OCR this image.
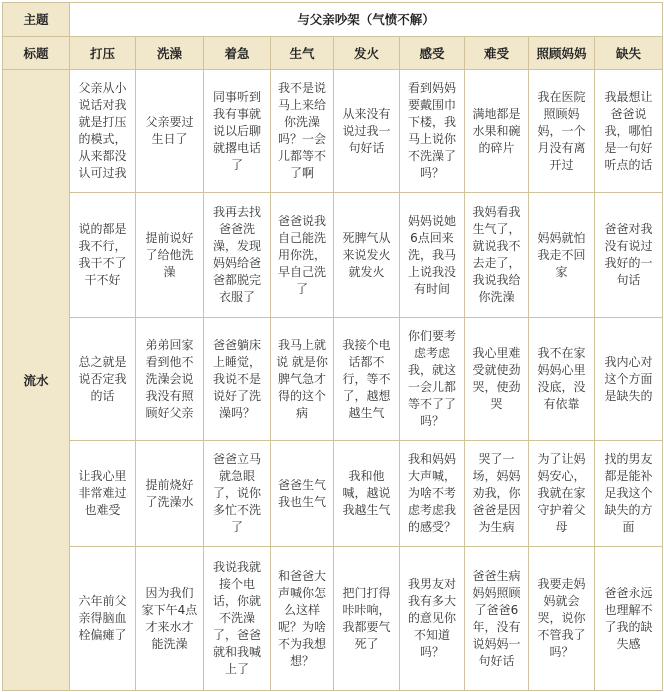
主题	与父亲吵架（气愤不解）								
标题	打压	洗澡	着急	生气	发火	感受	难受	照顾妈妈	缺失
流水	父亲从小说话对我就是打压的模式，从来都没认可过我	父亲要过生日了	同事听到我有事就说以后聊就撂电话了	我不是说马上来给你洗澡吗？一会儿都等不了啊	从来没有说过我一句好话	看到妈妈要戴围巾下楼，我马上说你不洗澡了吗？	满地都是水果和碗的碎片	我在医院照顾妈妈，一个月没有离开过	我最想让爸爸说我，哪怕是一句好听点的话
	说的都是我不行，我干不了干不好	提前说好了给他洗澡	我再去找爸爸洗澡，发现妈妈给爸爸都脱完衣服了	爸爸说我自己能洗用你洗，早自己洗了	死脾气从来说发火就发火	妈妈说她6点回来洗，我马上说我没有时间	我妈看我生气了，就说我不去走了，我说我给你洗澡	妈妈就怕我走不回家	爸爸对我没有说过我好的一句话
	总之就是说否定我的话	弟弟回家看到他不洗澡会说我没有照顾好父亲	爸爸躺床上睡觉，我说不是说好了洗澡吗？	我马上就说 就是你脾气急才得的这个病	我接个电话都不行，等不了，越想越生气	你们要考虑考虑我，就这一会儿都等不了了吗？	我心里难受就使劲哭，使劲哭	我不在家妈妈心里没底，没有依靠	我内心对这个方面是缺失的
	让我心里非常难过也难受	提前烧好了洗澡水	爸爸立马就急眼了，说你多忙不洗了	爸爸生气我也生气	我和他喊，越说我越生气	我和妈妈大声喊，为啥不考虑考虑我的感受？	哭了一场，妈妈劝我，你爸爸是因为生病	为了让妈妈安心，我就在家守护着父母	找的男友都是能补足我这个缺失的方面
	六年前父亲得脑血栓偏瘫了	因为我们家下午4点才来水才能洗澡	我说我就接个电话，你就不洗澡了，爸爸就和我喊上了	和爸爸大声喊你怎么这样呢？为啥不为我想想？	把门打得咔咔响，我都要气死了	我男友对我有多大的意见你不知道吗？	爸爸生病妈妈照顾了爸爸6年，没有说妈妈一句好话	我要走妈妈就会哭，说你不管我了吗？	爸爸永远也理解不了我的缺失感
